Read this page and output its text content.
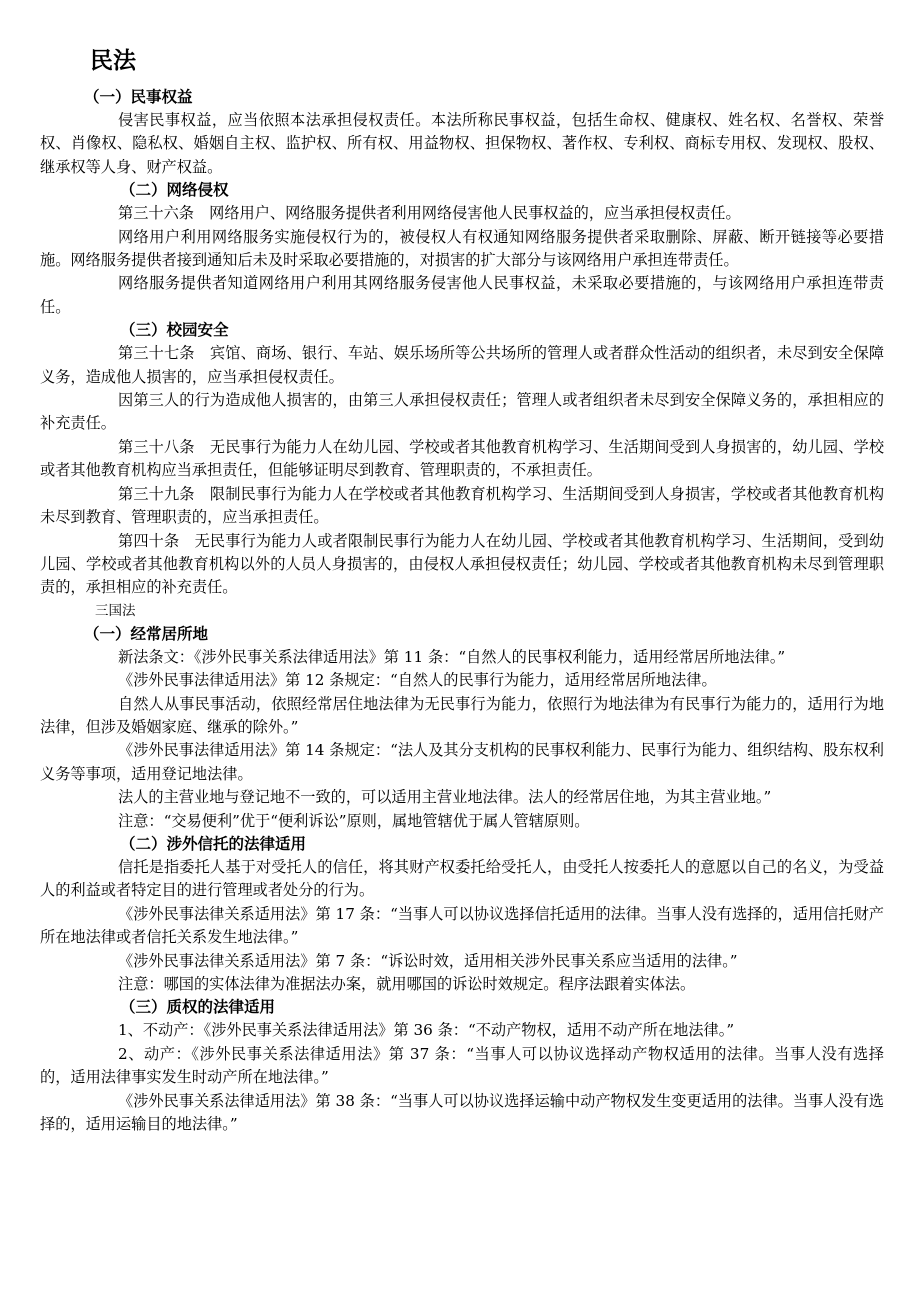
民法
（一）民事权益

侵害民事权益，应当依照本法承担侵权责任。本法所称民事权益，包括生命权、健康权、姓名权、名誉权、荣誉权、肖像权、隐私权、婚姻自主权、监护权、所有权、用益物权、担保物权、著作权、专利权、商标专用权、发现权、股权、继承权等人身、财产权益。

（二）网络侵权

第三十六条　网络用户、网络服务提供者利用网络侵害他人民事权益的，应当承担侵权责任。

网络用户利用网络服务实施侵权行为的，被侵权人有权通知网络服务提供者采取删除、屏蔽、断开链接等必要措施。网络服务提供者接到通知后未及时采取必要措施的，对损害的扩大部分与该网络用户承担连带责任。

网络服务提供者知道网络用户利用其网络服务侵害他人民事权益，未采取必要措施的，与该网络用户承担连带责任。

（三）校园安全

第三十七条　宾馆、商场、银行、车站、娱乐场所等公共场所的管理人或者群众性活动的组织者，未尽到安全保障义务，造成他人损害的，应当承担侵权责任。

因第三人的行为造成他人损害的，由第三人承担侵权责任；管理人或者组织者未尽到安全保障义务的，承担相应的补充责任。

第三十八条　无民事行为能力人在幼儿园、学校或者其他教育机构学习、生活期间受到人身损害的，幼儿园、学校或者其他教育机构应当承担责任，但能够证明尽到教育、管理职责的，不承担责任。

第三十九条　限制民事行为能力人在学校或者其他教育机构学习、生活期间受到人身损害，学校或者其他教育机构未尽到教育、管理职责的，应当承担责任。

第四十条　无民事行为能力人或者限制民事行为能力人在幼儿园、学校或者其他教育机构学习、生活期间，受到幼儿园、学校或者其他教育机构以外的人员人身损害的，由侵权人承担侵权责任；幼儿园、学校或者其他教育机构未尽到管理职责的，承担相应的补充责任。

三国法
（一）经常居所地

新法条文：《涉外民事关系法律适用法》第 11 条：“自然人的民事权利能力，适用经常居所地法律。”

《涉外民事法律适用法》第 12 条规定：“自然人的民事行为能力，适用经常居所地法律。

自然人从事民事活动，依照经常居住地法律为无民事行为能力，依照行为地法律为有民事行为能力的，适用行为地法律，但涉及婚姻家庭、继承的除外。”

《涉外民事法律适用法》第 14 条规定：“法人及其分支机构的民事权利能力、民事行为能力、组织结构、股东权利义务等事项，适用登记地法律。

法人的主营业地与登记地不一致的，可以适用主营业地法律。法人的经常居住地，为其主营业地。”

注意：“交易便利”优于“便利诉讼”原则，属地管辖优于属人管辖原则。

（二）涉外信托的法律适用

信托是指委托人基于对受托人的信任，将其财产权委托给受托人，由受托人按委托人的意愿以自己的名义，为受益人的利益或者特定目的进行管理或者处分的行为。

《涉外民事法律关系适用法》第 17 条：“当事人可以协议选择信托适用的法律。当事人没有选择的，适用信托财产所在地法律或者信托关系发生地法律。”

《涉外民事法律关系适用法》第 7 条：“诉讼时效，适用相关涉外民事关系应当适用的法律。”

注意：哪国的实体法律为准据法办案，就用哪国的诉讼时效规定。程序法跟着实体法。

（三）质权的法律适用

1、不动产：《涉外民事关系法律适用法》第 36 条：“不动产物权，适用不动产所在地法律。”

2、动产：《涉外民事关系法律适用法》第 37 条：“当事人可以协议选择动产物权适用的法律。当事人没有选择的，适用法律事实发生时动产所在地法律。”

《涉外民事关系法律适用法》第 38 条：“当事人可以协议选择运输中动产物权发生变更适用的法律。当事人没有选择的，适用运输目的地法律。”
